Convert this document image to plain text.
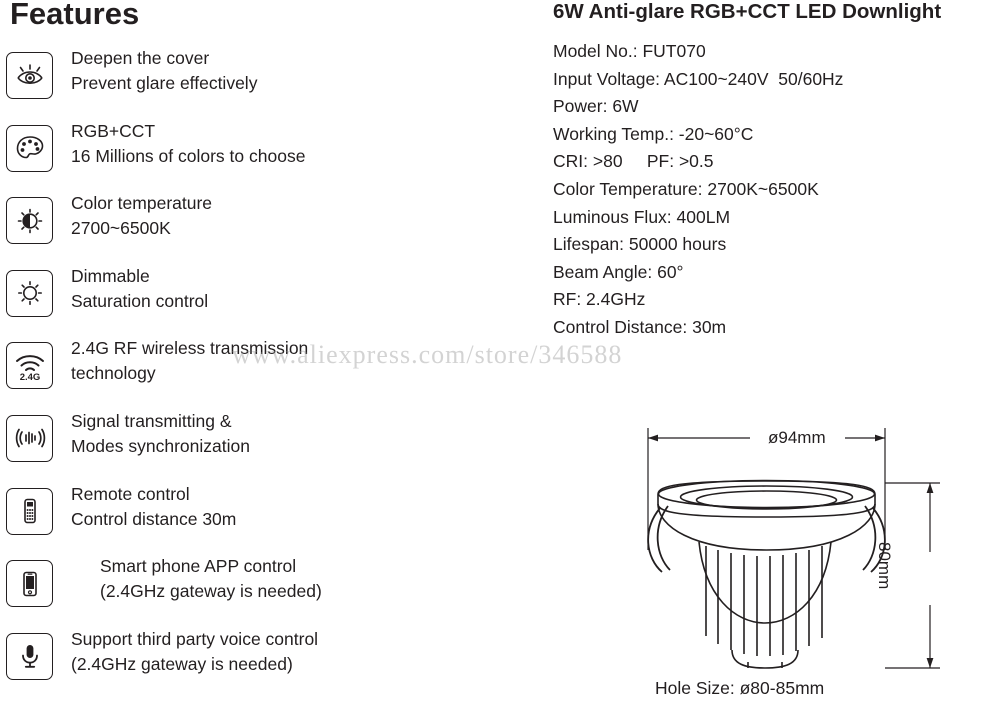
Features
Deepen the cover
Prevent glare effectively
RGB+CCT
16 Millions of colors to choose
Color temperature
2700~6500K
Dimmable
Saturation control
2.4G
2.4G RF wireless transmission
technology
Signal transmitting &
Modes synchronization
Remote control
Control distance 30m
Smart phone APP control
(2.4GHz gateway is needed)
Support third party voice control
(2.4GHz gateway is needed)
6W Anti-glare RGB+CCT LED Downlight
Model No.: FUT070
Input Voltage: AC100~240V  50/60Hz
Power: 6W
Working Temp.: -20~60°C
CRI: >80     PF: >0.5
Color Temperature: 2700K~6500K
Luminous Flux: 400LM
Lifespan: 50000 hours
Beam Angle: 60°
RF: 2.4GHz
Control Distance: 30m
www.aliexpress.com/store/346588
ø94mm
80mm
Hole Size: ø80-85mm
